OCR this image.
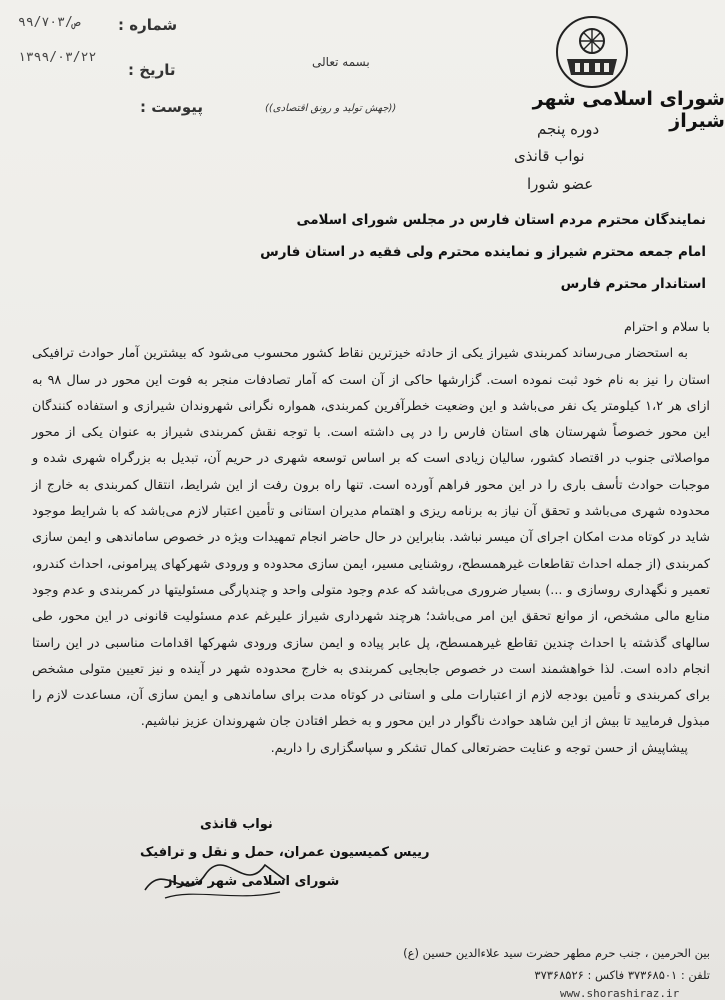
شماره :
۹۹/۷۰۳/ص
تاریخ :
۱۳۹۹/۰۳/۲۲
پیوست :
بسمه تعالی
((جهش تولید و رونق اقتصادی))	شورای اسلامی شهر شیراز
دوره پنجم
نواب قانذی
عضو شورا
نمایندگان محترم مردم استان فارس در مجلس شورای اسلامی
امام جمعه محترم شیراز و نماینده محترم ولی فقیه در استان فارس
استاندار محترم فارس

با سلام و احترام

به استحضار می‌رساند کمربندی شیراز یکی از حادثه خیزترین نقاط کشور محسوب می‌شود که بیشترین آمار حوادث ترافیکی استان را نیز به نام خود ثبت نموده است. گزارشها حاکی از آن است که آمار تصادفات منجر به فوت این محور در سال ۹۸ به ازای هر ۱،۲ کیلومتر یک نفر می‌باشد و این وضعیت خطرآفرین کمربندی، همواره نگرانی شهروندان شیرازی و استفاده کنندگان این محور خصوصاً شهرستان های استان فارس را در پی داشته است. با توجه نقش کمربندی شیراز به عنوان یکی از محور مواصلاتی جنوب در اقتصاد کشور، سالیان زیادی است که بر اساس توسعه شهری در حریم آن، تبدیل به بزرگراه شهری شده و موجبات حوادث تأسف باری را در این محور فراهم آورده است. تنها راه برون رفت از این شرایط، انتقال کمربندی به خارج از محدوده شهری می‌باشد و تحقق آن نیاز به برنامه ریزی و اهتمام مدیران استانی و تأمین اعتبار لازم می‌باشد که با شرایط موجود شاید در کوتاه مدت امکان اجرای آن میسر نباشد. بنابراین در حال حاضر انجام تمهیدات ویژه در خصوص ساماندهی و ایمن سازی کمربندی (از جمله احداث تقاطعات غیرهمسطح، روشنایی مسیر، ایمن سازی محدوده و ورودی شهرکهای پیرامونی، احداث کندرو، تعمیر و نگهداری روسازی و ...) بسیار ضروری می‌باشد که عدم وجود متولی واحد و چندپارگی مسئولیتها در کمربندی و عدم وجود منابع مالی مشخص، از موانع تحقق این امر می‌باشد؛ هرچند شهرداری شیراز علیرغم عدم مسئولیت قانونی در این محور، طی سالهای گذشته با احداث چندین تقاطع غیرهمسطح، پل عابر پیاده و ایمن سازی ورودی شهرکها اقدامات مناسبی در این راستا انجام داده است. لذا خواهشمند است در خصوص جابجایی کمربندی به خارج محدوده شهر در آینده و نیز تعیین متولی مشخص برای کمربندی و تأمین بودجه لازم از اعتبارات ملی و استانی در کوتاه مدت برای ساماندهی و ایمن سازی آن، مساعدت لازم را مبذول فرمایید تا بیش از این شاهد حوادث ناگوار در این محور و به خطر افتادن جان شهروندان عزیز نباشیم.

پیشاپیش از حسن توجه و عنایت حضرتعالی کمال تشکر و سپاسگزاری را داریم.

نواب قانذی
رییس کمیسیون عمران، حمل و نقل و ترافیک
شورای اسلامی شهر شیراز
بین الحرمین ، جنب حرم مطهر حضرت سید علاءالدین حسین (ع)
تلفن : ۳۷۳۶۸۵۰۱ فاکس : ۳۷۳۶۸۵۲۶
www.shorashiraz.ir
